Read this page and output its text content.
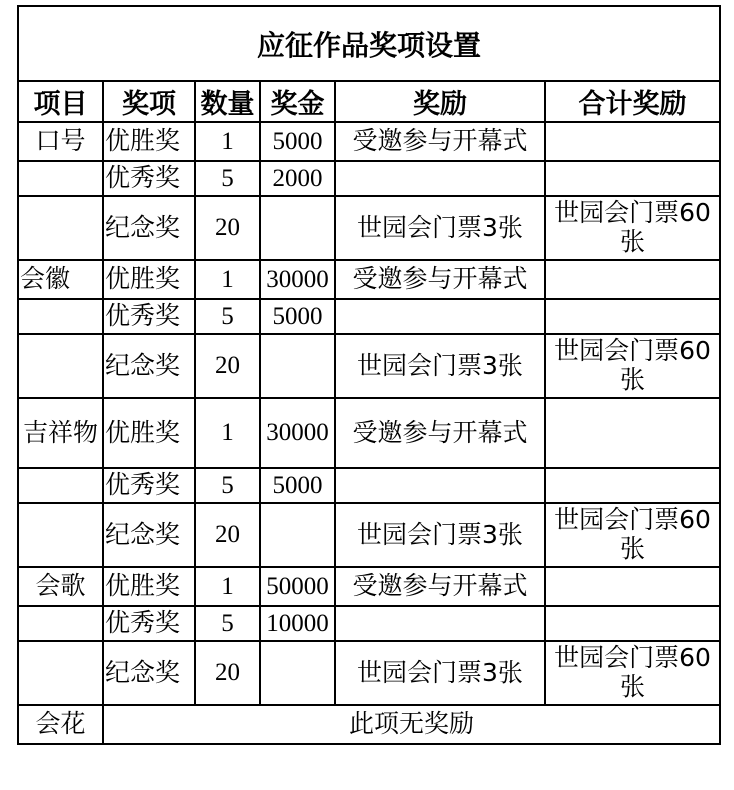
应征作品奖项设置					
项目	奖项	数量	奖金	奖励	合计奖励
口号	优胜奖	1	5000	受邀参与开幕式	
	优秀奖	5	2000		
	纪念奖	20		世园会门票3张	世园会门票60张
会徽	优胜奖	1	30000	受邀参与开幕式	
	优秀奖	5	5000		
	纪念奖	20		世园会门票3张	世园会门票60张
吉祥物	优胜奖	1	30000	受邀参与开幕式	
	优秀奖	5	5000		
	纪念奖	20		世园会门票3张	世园会门票60张
会歌	优胜奖	1	50000	受邀参与开幕式	
	优秀奖	5	10000		
	纪念奖	20		世园会门票3张	世园会门票60张
会花	此项无奖励				
